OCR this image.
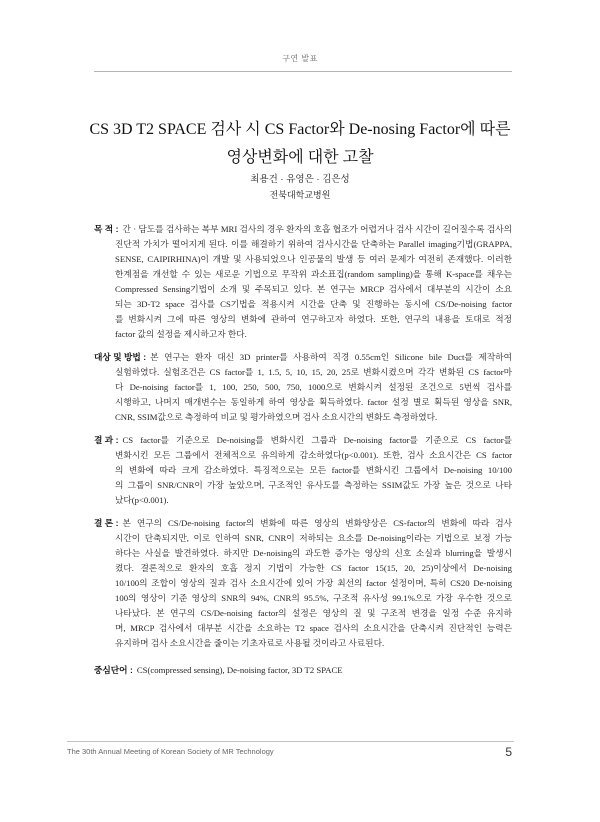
구연 발표
CS 3D T2 SPACE 검사 시 CS Factor와 De-nosing Factor에 따른
영상변화에 대한 고찰
최용건 · 유영은 · 김은성
전북대학교병원
목 적 : 간 · 담도를 검사하는 복부 MRI 검사의 경우 환자의 호흡 협조가 어렵거나 검사 시간이 길어질수록 검사의
진단적 가치가 떨어지게 된다. 이를 해결하기 위하여 검사시간을 단축하는 Parallel imaging기법(GRAPPA,
SENSE, CAIPIRHINA)이 개발 및 사용되었으나 인공물의 발생 등 여러 문제가 여전히 존재했다. 이러한
한계점을 개선할 수 있는 새로운 기법으로 무작위 과소표집(random sampling)을 통해 K-space를 채우는
Compressed Sensing기법이 소개 및 주목되고 있다. 본 연구는 MRCP 검사에서 대부분의 시간이 소요
되는 3D-T2 space 검사를 CS기법을 적용시켜 시간을 단축 및 진행하는 동시에 CS/De-noising factor
를 변화시켜 그에 따른 영상의 변화에 관하여 연구하고자 하였다. 또한, 연구의 내용을 토대로 적정
factor 값의 설정을 제시하고자 한다.
대상 및 방법 : 본 연구는 환자 대신 3D printer를 사용하여 직경 0.55cm인 Silicone bile Duct를 제작하여
실험하였다. 실험조건은 CS factor를 1, 1.5, 5, 10, 15, 20, 25로 변화시켰으며 각각 변화된 CS factor마
다 De-noising factor를 1, 100, 250, 500, 750, 1000으로 변화시켜 설정된 조건으로 5번씩 검사를
시행하고, 나머지 매개변수는 동일하게 하여 영상을 획득하였다. factor 설정 별로 획득된 영상을 SNR,
CNR, SSIM값으로 측정하여 비교 및 평가하였으며 검사 소요시간의 변화도 측정하였다.
결 과 : CS factor를 기준으로 De-noising를 변화시킨 그룹과 De-noising factor를 기준으로 CS factor를
변화시킨 모든 그룹에서 전체적으로 유의하게 감소하였다(p<0.001). 또한, 검사 소요시간은 CS factor
의 변화에 따라 크게 감소하였다. 특징적으로는 모든 factor를 변화시킨 그룹에서 De-noising 10/100
의 그룹이 SNR/CNR이 가장 높았으며, 구조적인 유사도를 측정하는 SSIM값도 가장 높은 것으로 나타
났다(p<0.001).
결 론 : 본 연구의 CS/De-noising factor의 변화에 따른 영상의 변화양상은 CS-factor의 변화에 따라 검사
시간이 단축되지만, 이로 인하여 SNR, CNR이 저하되는 요소를 De-noising이라는 기법으로 보정 가능
하다는 사실을 발견하였다. 하지만 De-noising의 과도한 증가는 영상의 신호 소실과 blurring을 발생시
켰다. 결론적으로 환자의 호흡 정지 기법이 가능한 CS factor 15(15, 20, 25)이상에서 De-noising
10/100의 조합이 영상의 질과 검사 소요시간에 있어 가장 최선의 factor 설정이며, 특히 CS20 De-noising
100의 영상이 기준 영상의 SNR의 94%, CNR의 95.5%, 구조적 유사성 99.1%으로 가장 우수한 것으로
나타났다. 본 연구의 CS/De-noising factor의 설정은 영상의 질 및 구조적 변경을 일정 수준 유지하
며, MRCP 검사에서 대부분 시간을 소요하는 T2 space 검사의 소요시간을 단축시켜 진단적인 능력은
유지하며 검사 소요시간을 줄이는 기초자료로 사용될 것이라고 사료된다.
중심단어 : CS(compressed sensing), De-noising factor, 3D T2 SPACE
The 30th Annual Meeting of Korean Society of MR Technology	5
